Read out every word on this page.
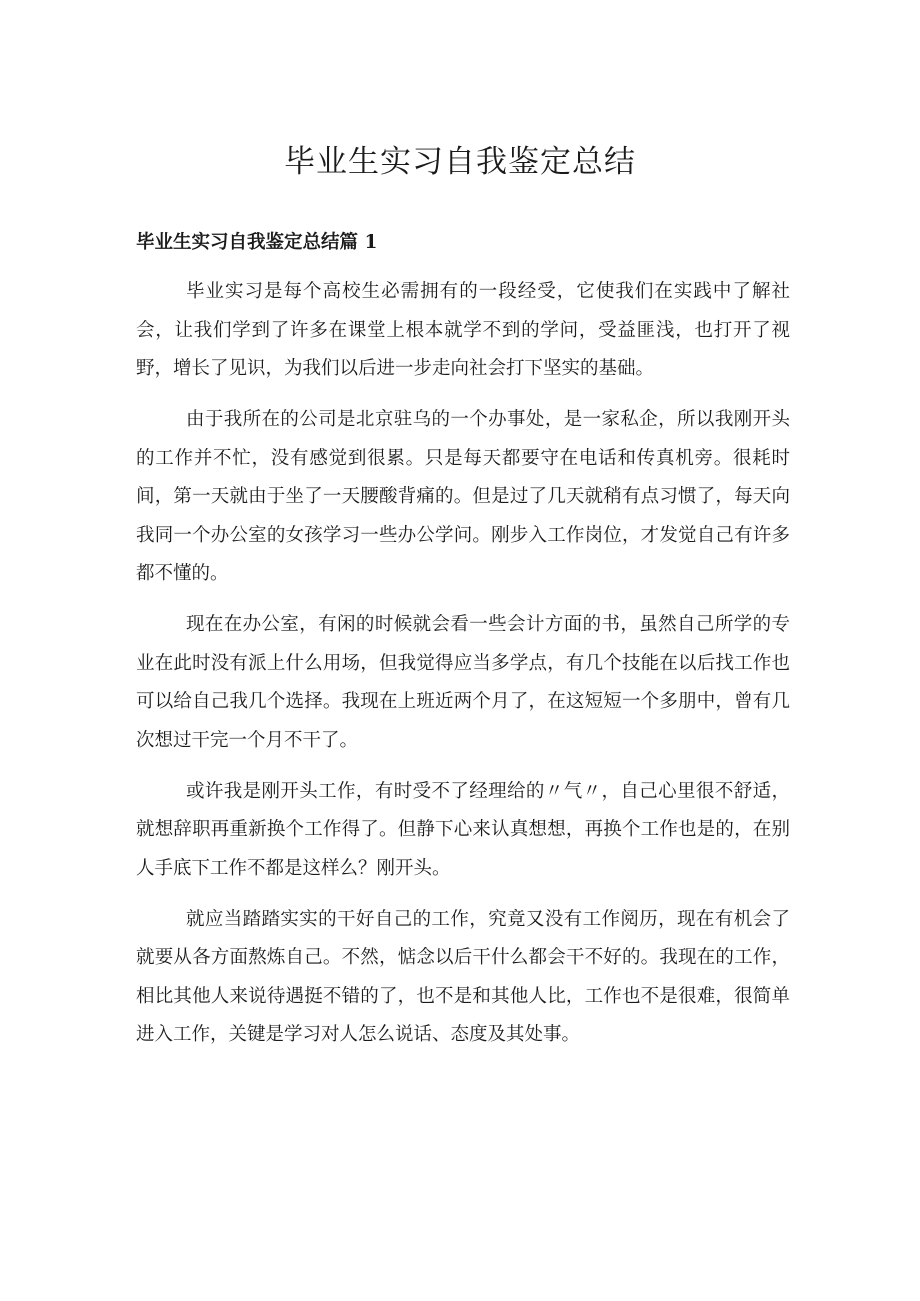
毕业生实习自我鉴定总结
毕业生实习自我鉴定总结篇 1

毕业实习是每个高校生必需拥有的一段经受，它使我们在实践中了解社会，让我们学到了许多在课堂上根本就学不到的学问，受益匪浅，也打开了视野，增长了见识，为我们以后进一步走向社会打下坚实的基础。

由于我所在的公司是北京驻乌的一个办事处，是一家私企，所以我刚开头的工作并不忙，没有感觉到很累。只是每天都要守在电话和传真机旁。很耗时间，第一天就由于坐了一天腰酸背痛的。但是过了几天就稍有点习惯了，每天向我同一个办公室的女孩学习一些办公学问。刚步入工作岗位，才发觉自己有许多都不懂的。

现在在办公室，有闲的时候就会看一些会计方面的书，虽然自己所学的专业在此时没有派上什么用场，但我觉得应当多学点，有几个技能在以后找工作也可以给自己我几个选择。我现在上班近两个月了，在这短短一个多朋中，曾有几次想过干完一个月不干了。

或许我是刚开头工作，有时受不了经理给的〃气〃，自己心里很不舒适，就想辞职再重新换个工作得了。但静下心来认真想想，再换个工作也是的，在别人手底下工作不都是这样么？刚开头。

就应当踏踏实实的干好自己的工作，究竟又没有工作阅历，现在有机会了就要从各方面熬炼自己。不然，惦念以后干什么都会干不好的。我现在的工作，相比其他人来说待遇挺不错的了，也不是和其他人比，工作也不是很难，很简单进入工作，关键是学习对人怎么说话、态度及其处事。
